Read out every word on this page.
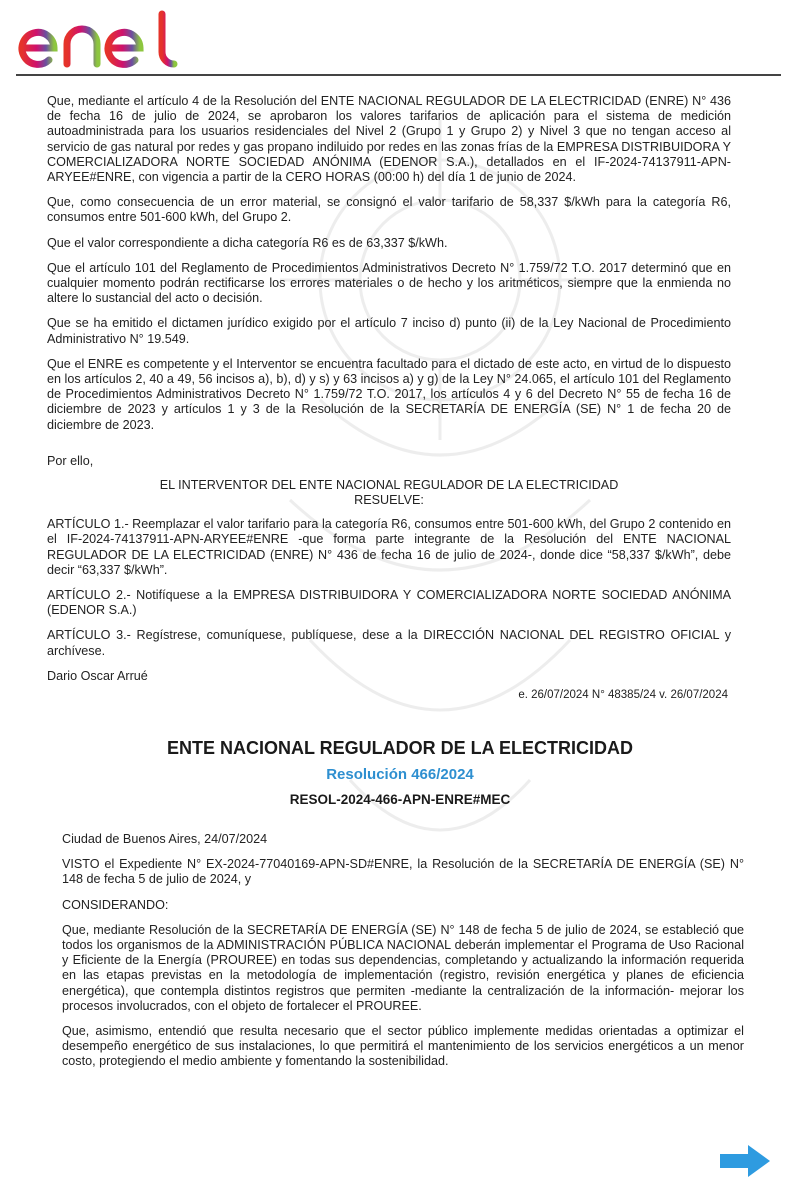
Que, mediante el artículo 4 de la Resolución del ENTE NACIONAL REGULADOR DE LA ELECTRICIDAD (ENRE) N° 436 de fecha 16 de julio de 2024, se aprobaron los valores tarifarios de aplicación para el sistema de medición autoadministrada para los usuarios residenciales del Nivel 2 (Grupo 1 y Grupo 2) y Nivel 3 que no tengan acceso al servicio de gas natural por redes y gas propano indiluido por redes en las zonas frías de la EMPRESA DISTRIBUIDORA Y COMERCIALIZADORA NORTE SOCIEDAD ANÓNIMA (EDENOR S.A.), detallados en el IF-2024-74137911-APN-ARYEE#ENRE, con vigencia a partir de la CERO HORAS (00:00 h) del día 1 de junio de 2024.

Que, como consecuencia de un error material, se consignó el valor tarifario de 58,337 $/kWh para la categoría R6, consumos entre 501-600 kWh, del Grupo 2.

Que el valor correspondiente a dicha categoría R6 es de 63,337 $/kWh.

Que el artículo 101 del Reglamento de Procedimientos Administrativos Decreto N° 1.759/72 T.O. 2017 determinó que en cualquier momento podrán rectificarse los errores materiales o de hecho y los aritméticos, siempre que la enmienda no altere lo sustancial del acto o decisión.

Que se ha emitido el dictamen jurídico exigido por el artículo 7 inciso d) punto (ii) de la Ley Nacional de Procedimiento Administrativo N° 19.549.

Que el ENRE es competente y el Interventor se encuentra facultado para el dictado de este acto, en virtud de lo dispuesto en los artículos 2, 40 a 49, 56 incisos a), b), d) y s) y 63 incisos a) y g) de la Ley N° 24.065, el artículo 101 del Reglamento de Procedimientos Administrativos Decreto N° 1.759/72 T.O. 2017, los artículos 4 y 6 del Decreto N° 55 de fecha 16 de diciembre de 2023 y artículos 1 y 3 de la Resolución de la SECRETARÍA DE ENERGÍA (SE) N° 1 de fecha 20 de diciembre de 2023.

Por ello,

EL INTERVENTOR DEL ENTE NACIONAL REGULADOR DE LA ELECTRICIDAD
RESUELVE:

ARTÍCULO 1.- Reemplazar el valor tarifario para la categoría R6, consumos entre 501-600 kWh, del Grupo 2 contenido en el IF-2024-74137911-APN-ARYEE#ENRE -que forma parte integrante de la Resolución del ENTE NACIONAL REGULADOR DE LA ELECTRICIDAD (ENRE) N° 436 de fecha 16 de julio de 2024-, donde dice “58,337 $/kWh”, debe decir “63,337 $/kWh”.

ARTÍCULO 2.- Notifíquese a la EMPRESA DISTRIBUIDORA Y COMERCIALIZADORA NORTE SOCIEDAD ANÓNIMA (EDENOR S.A.)

ARTÍCULO 3.- Regístrese, comuníquese, publíquese, dese a la DIRECCIÓN NACIONAL DEL REGISTRO OFICIAL y archívese.

Dario Oscar Arrué
e. 26/07/2024 N° 48385/24 v. 26/07/2024
ENTE NACIONAL REGULADOR DE LA ELECTRICIDAD
Resolución 466/2024
RESOL-2024-466-APN-ENRE#MEC

Ciudad de Buenos Aires, 24/07/2024

VISTO el Expediente N° EX-2024-77040169-APN-SD#ENRE, la Resolución de la SECRETARÍA DE ENERGÍA (SE) N° 148 de fecha 5 de julio de 2024, y

CONSIDERANDO:

Que, mediante Resolución de la SECRETARÍA DE ENERGÍA (SE) N° 148 de fecha 5 de julio de 2024, se estableció que todos los organismos de la ADMINISTRACIÓN PÚBLICA NACIONAL deberán implementar el Programa de Uso Racional y Eficiente de la Energía (PROUREE) en todas sus dependencias, completando y actualizando la información requerida en las etapas previstas en la metodología de implementación (registro, revisión energética y planes de eficiencia energética), que contempla distintos registros que permiten -mediante la centralización de la información- mejorar los procesos involucrados, con el objeto de fortalecer el PROUREE.

Que, asimismo, entendió que resulta necesario que el sector público implemente medidas orientadas a optimizar el desempeño energético de sus instalaciones, lo que permitirá el mantenimiento de los servicios energéticos a un menor costo, protegiendo el medio ambiente y fomentando la sostenibilidad.
